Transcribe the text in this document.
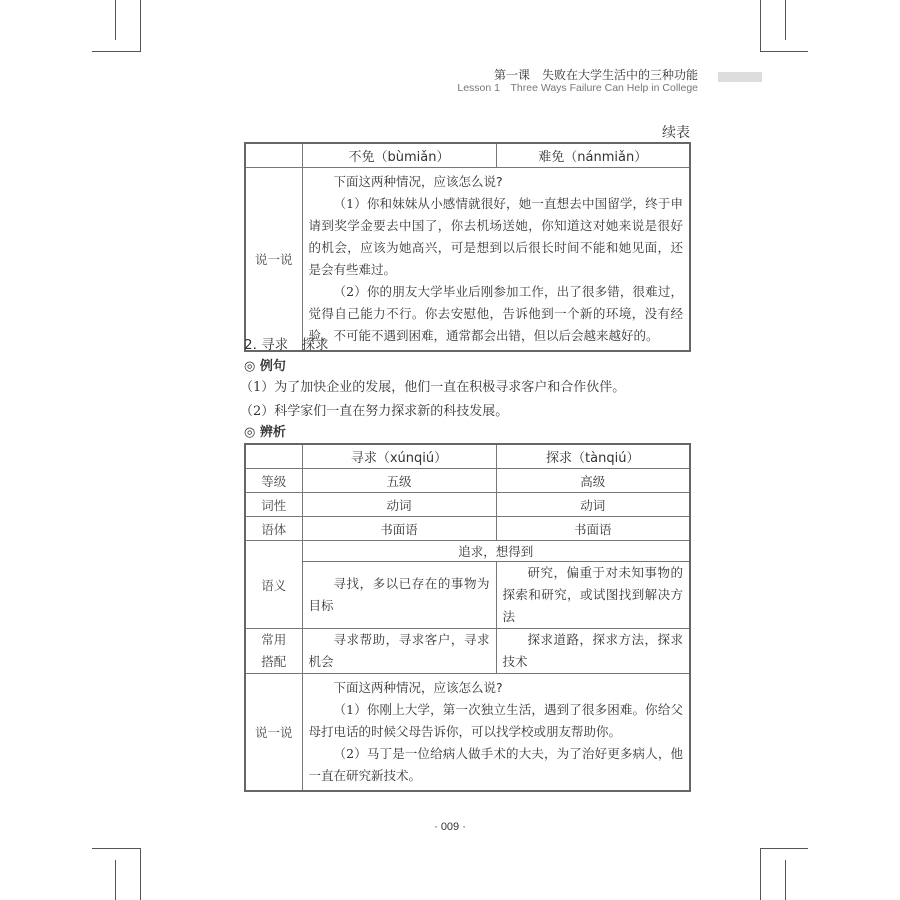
第一课　失败在大学生活中的三种功能
Lesson 1　Three Ways Failure Can Help in College
续表
	不免（bùmiǎn）	难免（nánmiǎn）
说一说	下面这两种情况，应该怎么说?

（1）你和妹妹从小感情就很好，她一直想去中国留学，终于申请到奖学金要去中国了，你去机场送她，你知道这对她来说是很好的机会，应该为她高兴，可是想到以后很长时间不能和她见面，还是会有些难过。

（2）你的朋友大学毕业后刚参加工作，出了很多错，很难过，觉得自己能力不行。你去安慰他，告诉他到一个新的环境，没有经验，不可能不遇到困难，通常都会出错，但以后会越来越好的。	

2. 寻求　探求
◎ 例句
（1）为了加快企业的发展，他们一直在积极寻求客户和合作伙伴。
（2）科学家们一直在努力探求新的科技发展。
◎ 辨析
	寻求（xúnqiú）	探求（tànqiú）
等级	五级	高级
词性	动词	动词
语体	书面语	书面语
语义	追求，想得到	

	寻找，多以已存在的事物为目标	研究，偏重于对未知事物的探索和研究，或试图找到解决方法

常用搭配	寻求帮助，寻求客户，寻求机会	探求道路，探求方法，探求技术

说一说	下面这两种情况，应该怎么说?

（1）你刚上大学，第一次独立生活，遇到了很多困难。你给父母打电话的时候父母告诉你，可以找学校或朋友帮助你。

（2）马丁是一位给病人做手术的大夫，为了治好更多病人，他一直在研究新技术。	

· 009 ·
